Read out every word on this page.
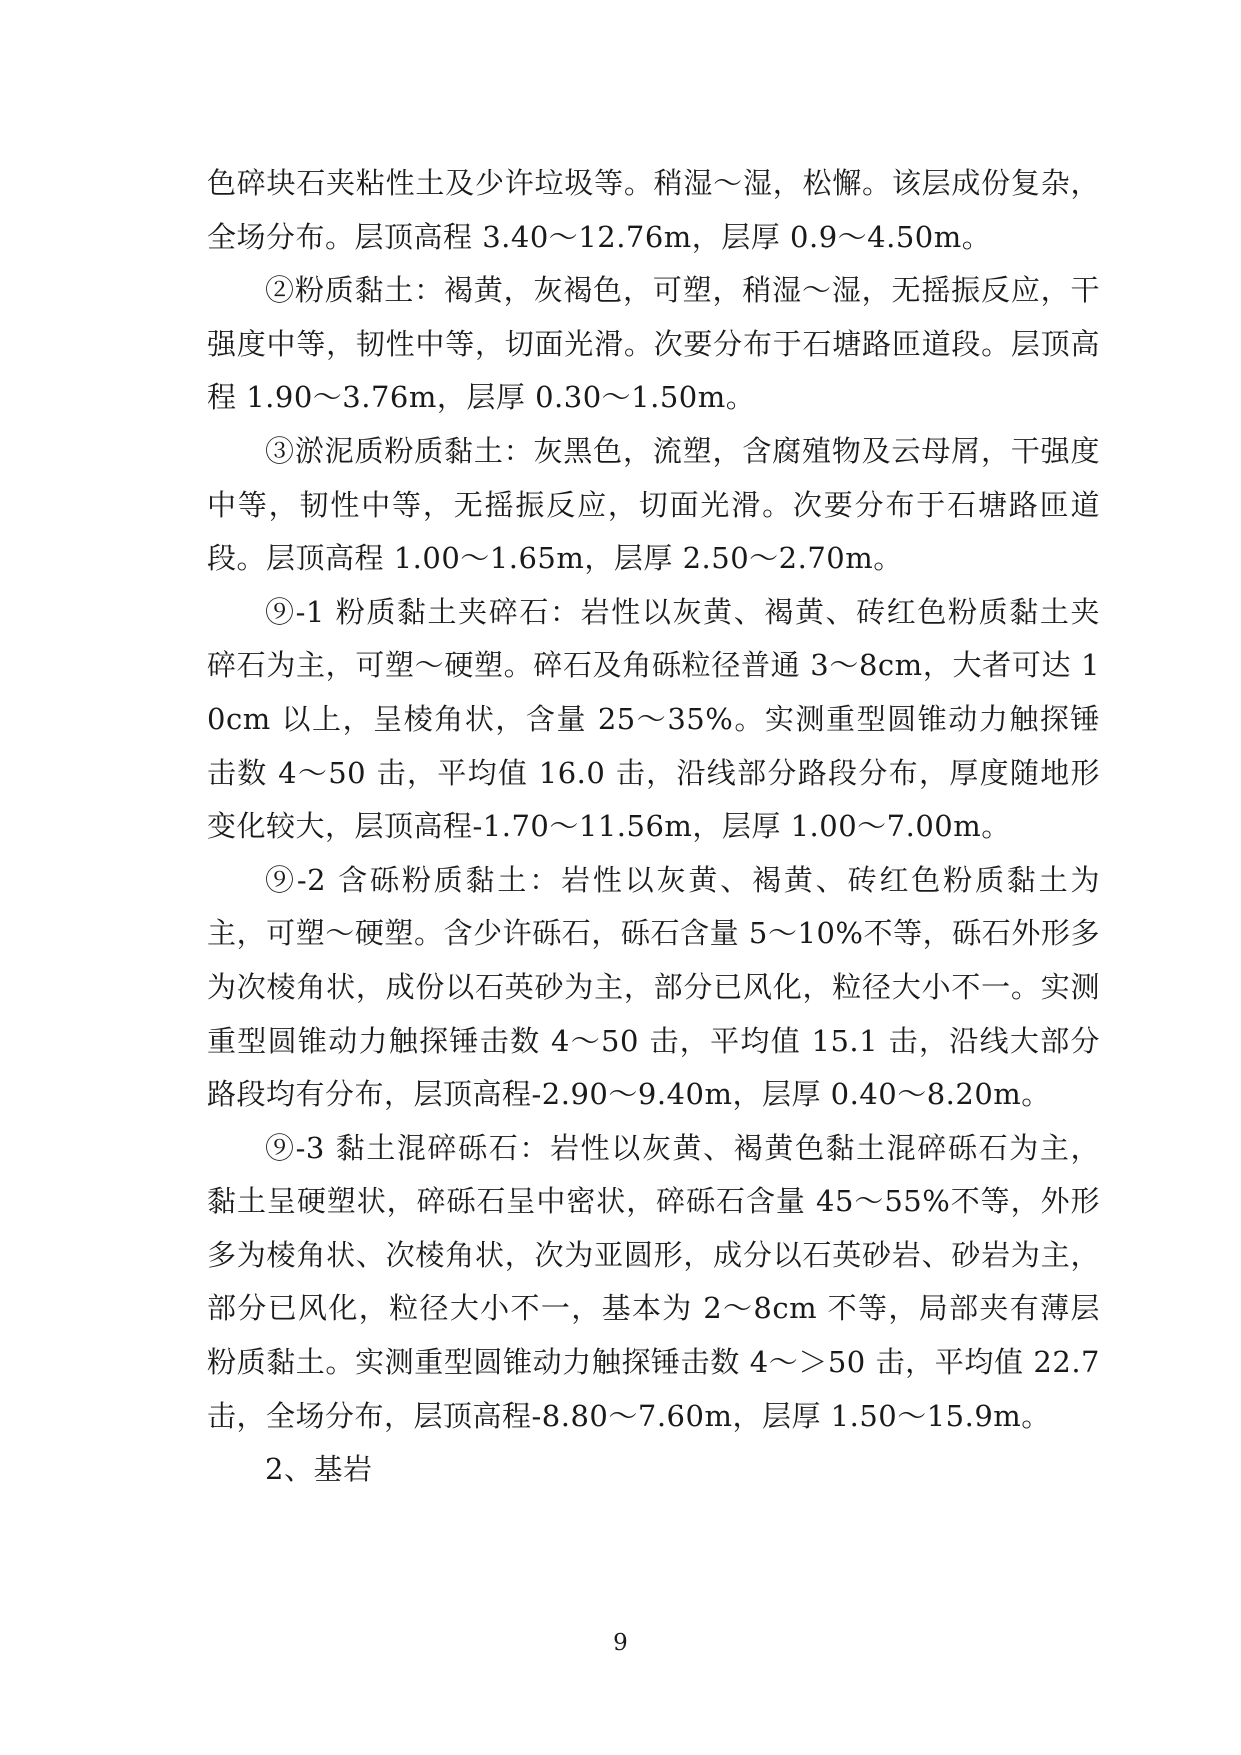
色碎块石夹粘性土及少许垃圾等。稍湿～湿，松懈。该层成份复杂，全场分布。层顶高程 3.40～12.76m，层厚 0.9～4.50m。

②粉质黏土：褐黄，灰褐色，可塑，稍湿～湿，无摇振反应，干强度中等，韧性中等，切面光滑。次要分布于石塘路匝道段。层顶高程 1.90～3.76m，层厚 0.30～1.50m。

③淤泥质粉质黏土：灰黑色，流塑，含腐殖物及云母屑，干强度中等，韧性中等，无摇振反应，切面光滑。次要分布于石塘路匝道段。层顶高程 1.00～1.65m，层厚 2.50～2.70m。

⑨-1 粉质黏土夹碎石：岩性以灰黄、褐黄、砖红色粉质黏土夹碎石为主，可塑～硬塑。碎石及角砾粒径普通 3～8cm，大者可达 10cm 以上，呈棱角状，含量 25～35%。实测重型圆锥动力触探锤击数 4～50 击，平均值 16.0 击，沿线部分路段分布，厚度随地形变化较大，层顶高程-1.70～11.56m，层厚 1.00～7.00m。

⑨-2 含砾粉质黏土：岩性以灰黄、褐黄、砖红色粉质黏土为主，可塑～硬塑。含少许砾石，砾石含量 5～10%不等，砾石外形多为次棱角状，成份以石英砂为主，部分已风化，粒径大小不一。实测重型圆锥动力触探锤击数 4～50 击，平均值 15.1 击，沿线大部分路段均有分布，层顶高程-2.90～9.40m，层厚 0.40～8.20m。

⑨-3 黏土混碎砾石：岩性以灰黄、褐黄色黏土混碎砾石为主，黏土呈硬塑状，碎砾石呈中密状，碎砾石含量 45～55%不等，外形多为棱角状、次棱角状，次为亚圆形，成分以石英砂岩、砂岩为主，部分已风化，粒径大小不一，基本为 2～8cm 不等，局部夹有薄层粉质黏土。实测重型圆锥动力触探锤击数 4～＞50 击，平均值 22.7 击，全场分布，层顶高程-8.80～7.60m，层厚 1.50～15.9m。

2、基岩

9
